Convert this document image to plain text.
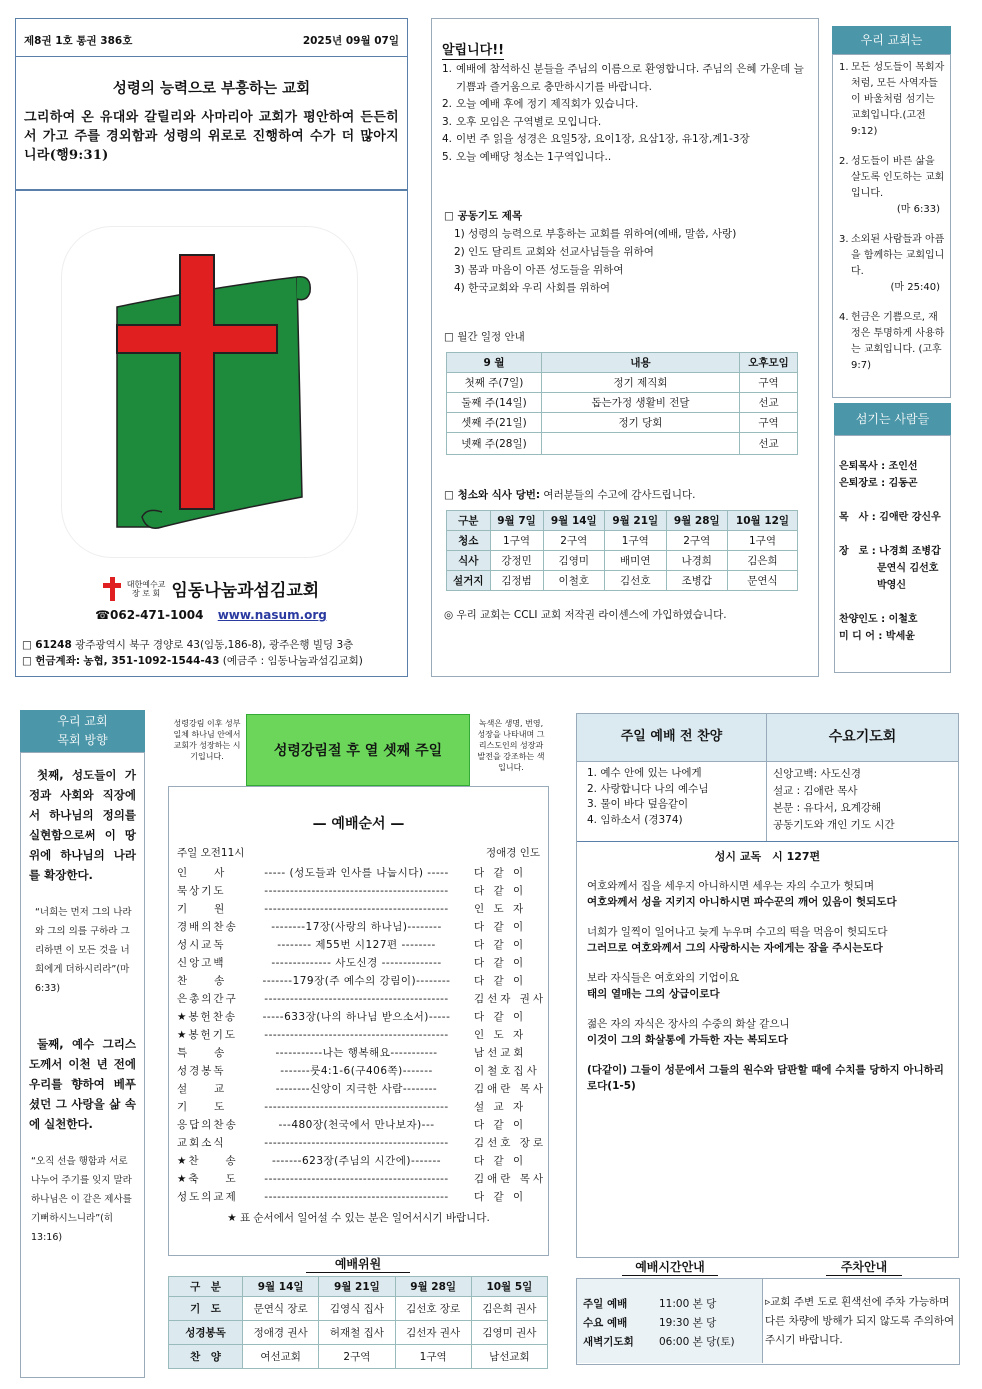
제8권 1호 통권 386호	2025년 09월 07일
성령의 능력으로 부흥하는 교회
그리하여 온 유대와 갈릴리와 사마리아 교회가 평안하여 든든히 서 가고 주를 경외함과 성령의 위로로 진행하여 수가 더 많아지니라(행9:31)
대한예수교
장 로 회 임동나눔과섬김교회
☎062-471-1004 www.nasum.org
□ 61248 광주광역시 북구 경양로 43(임동,186-8), 광주은행 빌딩 3층
□ 헌금계좌: 농협, 351-1092-1544-43 (예금주 : 임동나눔과섬김교회)
알립니다!!
1. 예배에 참석하신 분들을 주님의 이름으로 환영합니다. 주님의 은혜 가운데 늘 기쁨과 즐거움으로 충만하시기를 바랍니다.
2. 오늘 예배 후에 정기 제직회가 있습니다.
3. 오후 모임은 구역별로 모입니다.
4. 이번 주 읽을 성경은 요일5장, 요이1장, 요삼1장, 유1장,계1-3장
5. 오늘 예배당 청소는 1구역입니다..
□ 공동기도 제목
1) 성령의 능력으로 부흥하는 교회를 위하여(예배, 말씀, 사랑)
2) 인도 달리트 교회와 선교사님들을 위하여
3) 몸과 마음이 아픈 성도들을 위하여
4) 한국교회와 우리 사회를 위하여
□ 월간 일정 안내
9 월	내용	오후모임
첫째 주(7일)	정기 제직회	구역
둘째 주(14일)	돕는가정 생활비 전달	선교
셋째 주(21일)	정기 당회	구역
넷째 주(28일)		선교
□ 청소와 식사 당번: 여러분들의 수고에 감사드립니다.
구분	9월 7일	9월 14일	9월 21일	9월 28일	10월 12일
청소	1구역	2구역	1구역	2구역	1구역
식사	강정민	김영미	배미연	나경희	김은희
설거지	김정범	이철호	김선호	조병갑	문연식
◎ 우리 교회는 CCLI 교회 저작권 라이센스에 가입하였습니다.
우리 교회는
1. 모든 성도들이 목회자처럼, 모든 사역자들이 바울처럼 섬기는 교회입니다.(고전 9:12)
2. 성도들이 바른 삶을 살도록 인도하는 교회입니다.
(마 6:33)
3. 소외된 사람들과 아픔을 함께하는 교회입니다.
(마 25:40)
4. 헌금은 기쁨으로, 재정은 투명하게 사용하는 교회입니다. (고후 9:7)
섬기는 사람들
은퇴목사 : 조인선
은퇴장로 : 김동곤
목　사 : 김애란 강신우
장　로 : 나경희 조병갑
문연식 김선호
박영신
찬양인도 : 이철호
미 디 어 : 박세윤
우리 교회
목회 방향
첫째, 성도들이 가정과 사회와 직장에서 하나님의 정의를 실현함으로써 이 땅 위에 하나님의 나라를 확장한다.
“너희는 먼저 그의 나라와 그의 의를 구하라 그리하면 이 모든 것을 너희에게 더하시리라”(마 6:33)
둘째, 예수 그리스도께서 이천 년 전에 우리를 향하여 베푸셨던 그 사랑을 삶 속에 실천한다.
“오직 선을 행함과 서로 나누어 주기를 잊지 말라 하나님은 이 같은 제사를 기뻐하시느니라”(히 13:16)
성령강림 이후 성부일체 하나님 안에서 교회가 성장하는 시기입니다.	성령강림절 후 열 셋째 주일
녹색은 생명, 번영, 성장을 나타내며 그리스도인의 성장과 발전을 강조하는 색입니다.
— 예배순서 —
주일 오전11시	정애경 인도
인　　사	----- (성도들과 인사를 나눕시다) -----	다 같 이
묵상기도	-------------------------------------------	다 같 이
기　　원	-------------------------------------------	인 도 자
경배의찬송	--------17장(사랑의 하나님)--------	다 같 이
성시교독	-------- 제55번 시127편 --------	다 같 이
신앙고백	-------------- 사도신경 --------------	다 같 이
찬　　송	-------179장(주 예수의 강림이)--------	다 같 이
은총의간구	-------------------------------------------	김선자 권사
★봉헌찬송	-----633장(나의 하나님 받으소서)-----	다 같 이
★봉헌기도	-------------------------------------------	인 도 자
특　　송	-----------나는 행복해요-----------	남선교회
성경봉독	-------룻4:1-6(구406쪽)-------	이철호집사
설　　교	--------신앙이 지극한 사람--------	김애란 목사
기　　도	-------------------------------------------	설 교 자
응답의찬송	---480장(천국에서 만나보자)---	다 같 이
교회소식	-------------------------------------------	김선호 장로
★찬　　송	-------623장(주님의 시간에)-------	다 같 이
★축　　도	-------------------------------------------	김애란 목사
성도의교제	-------------------------------------------	다 같 이
★ 표 순서에서 일어설 수 있는 분은 일어서시기 바랍니다.
예배위원
구　분	9월 14일	9월 21일	9월 28일	10월 5일
기　도	문연식 장로	김영식 집사	김선호 장로	김은희 권사
성경봉독	정애경 권사	허재철 집사	김선자 권사	김영미 권사
찬　양	여선교회	2구역	1구역	남선교회
주일 예배 전 찬양	수요기도회
1. 예수 안에 있는 나에게
2. 사랑합니다 나의 예수님
3. 물이 바다 덮음같이
4. 임하소서 (경374)
신앙고백: 사도신경
설교 : 김애란 목사
본문 : 유다서, 요계강해
공동기도와 개인 기도 시간
성시 교독　시 127편
여호와께서 집을 세우지 아니하시면 세우는 자의 수고가 헛되며
여호와께서 성을 지키지 아니하시면 파수꾼의 깨어 있음이 헛되도다
너희가 일찍이 일어나고 늦게 누우며 수고의 떡을 먹음이 헛되도다
그러므로 여호와께서 그의 사랑하시는 자에게는 잠을 주시는도다
보라 자식들은 여호와의 기업이요
태의 열매는 그의 상급이로다
젊은 자의 자식은 장사의 수중의 화살 같으니
이것이 그의 화살통에 가득한 자는 복되도다
(다같이) 그들이 성문에서 그들의 원수와 담판할 때에 수치를 당하지 아니하리로다(1-5)
예배시간안내	주차안내
주일 예배	11:00 본 당
수요 예배	19:30 본 당
새벽기도회	06:00 본 당(토)
▹교회 주변 도로 흰색선에 주차 가능하며 다른 차량에 방해가 되지 않도록 주의하여 주시기 바랍니다.
